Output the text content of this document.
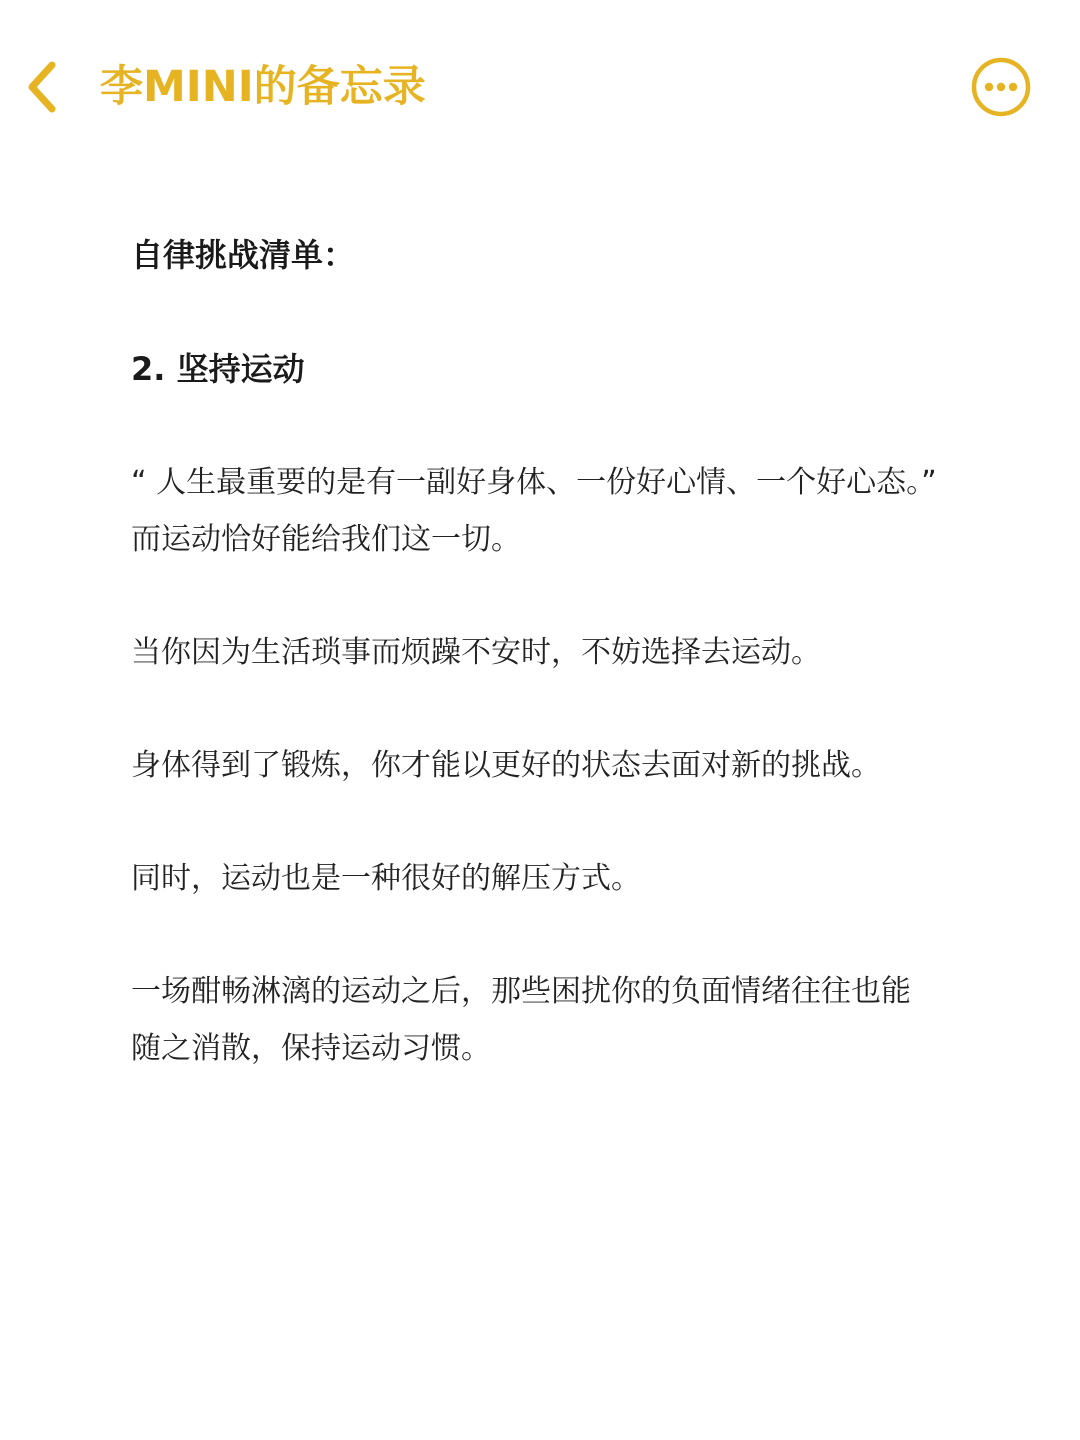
李MINI的备忘录
自律挑战清单：
2. 坚持运动
“ 人生最重要的是有一副好身体、一份好心情、一个好心态。”
而运动恰好能给我们这一切。
当你因为生活琐事而烦躁不安时，不妨选择去运动。
身体得到了锻炼，你才能以更好的状态去面对新的挑战。
同时，运动也是一种很好的解压方式。
一场酣畅淋漓的运动之后，那些困扰你的负面情绪往往也能
随之消散，保持运动习惯。
